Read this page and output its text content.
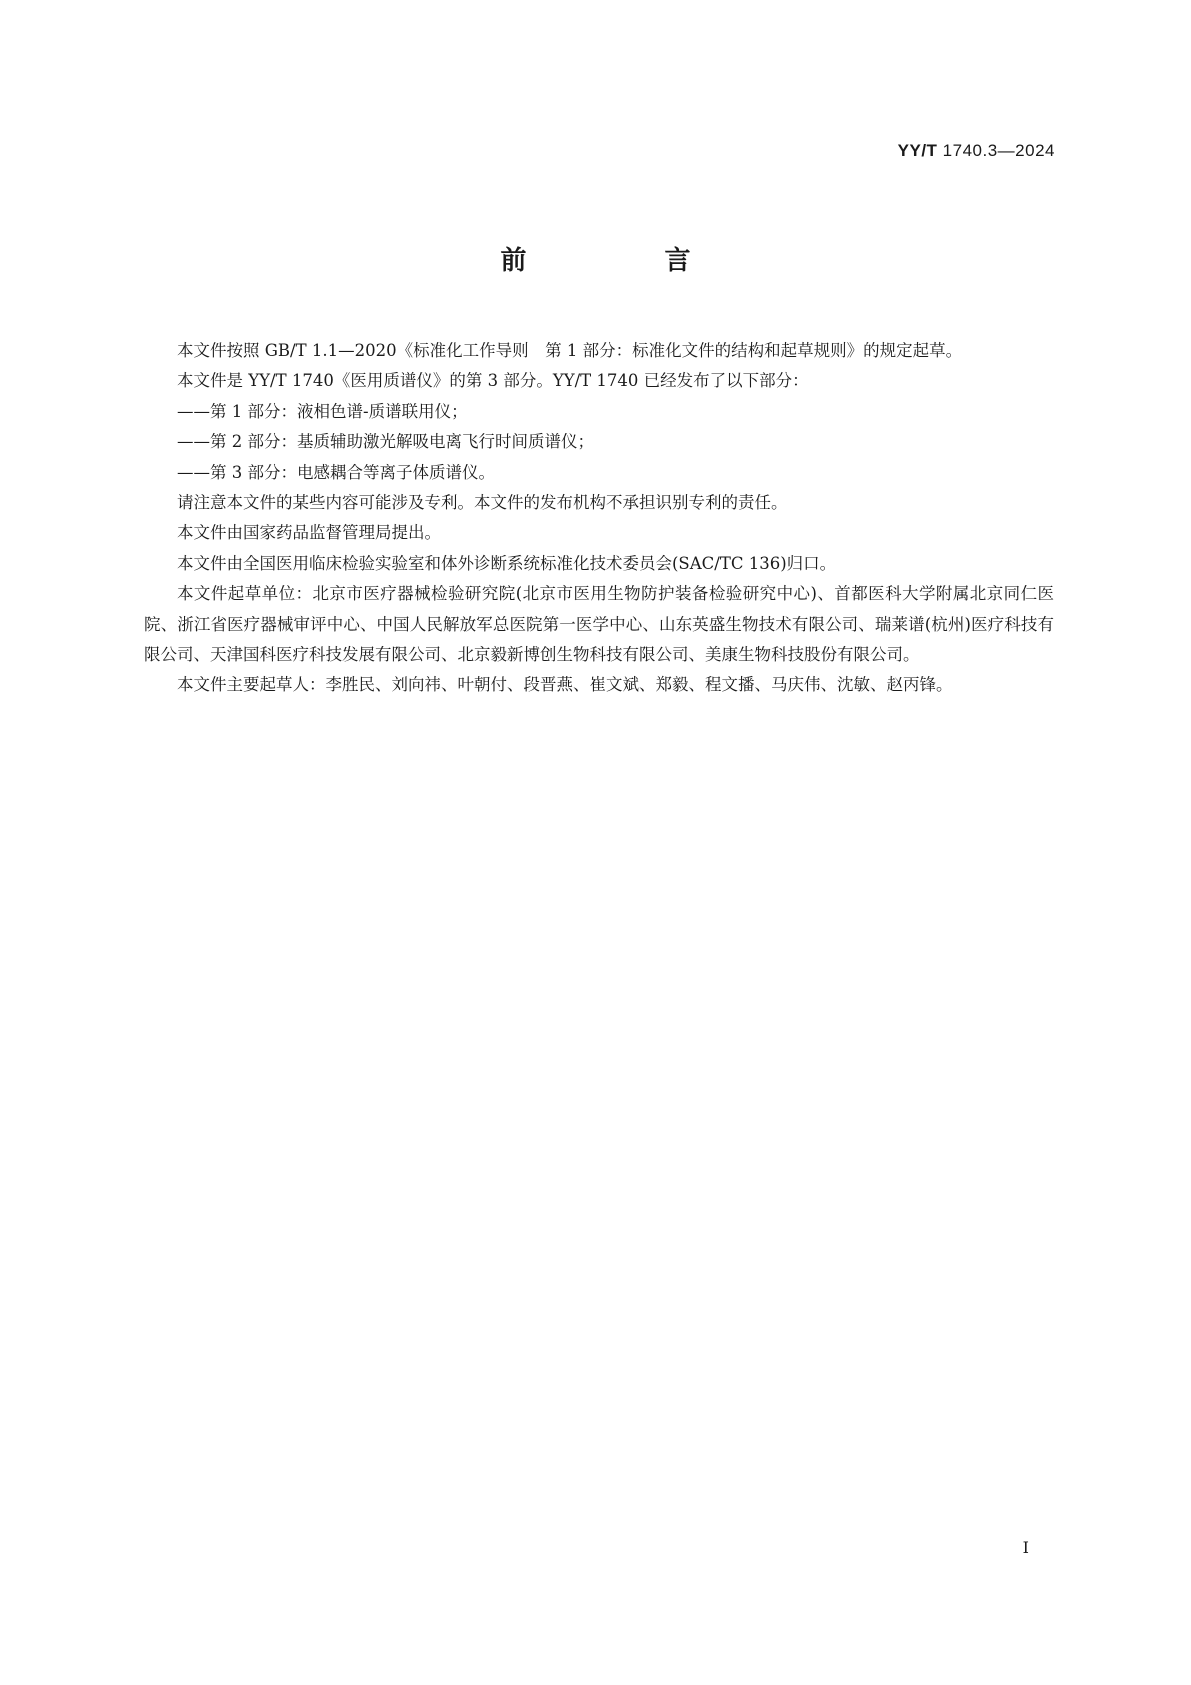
YY/T 1740.3—2024
前　言

本文件按照 GB/T 1.1—2020《标准化工作导则　第 1 部分：标准化文件的结构和起草规则》的规定起草。

本文件是 YY/T 1740《医用质谱仪》的第 3 部分。YY/T 1740 已经发布了以下部分：

——第 1 部分：液相色谱-质谱联用仪；

——第 2 部分：基质辅助激光解吸电离飞行时间质谱仪；

——第 3 部分：电感耦合等离子体质谱仪。

请注意本文件的某些内容可能涉及专利。本文件的发布机构不承担识别专利的责任。

本文件由国家药品监督管理局提出。

本文件由全国医用临床检验实验室和体外诊断系统标准化技术委员会(SAC/TC 136)归口。

本文件起草单位：北京市医疗器械检验研究院(北京市医用生物防护装备检验研究中心)、首都医科大学附属北京同仁医院、浙江省医疗器械审评中心、中国人民解放军总医院第一医学中心、山东英盛生物技术有限公司、瑞莱谱(杭州)医疗科技有限公司、天津国科医疗科技发展有限公司、北京毅新博创生物科技有限公司、美康生物科技股份有限公司。

本文件主要起草人：李胜民、刘向祎、叶朝付、段晋燕、崔文斌、郑毅、程文播、马庆伟、沈敏、赵丙锋。

I
